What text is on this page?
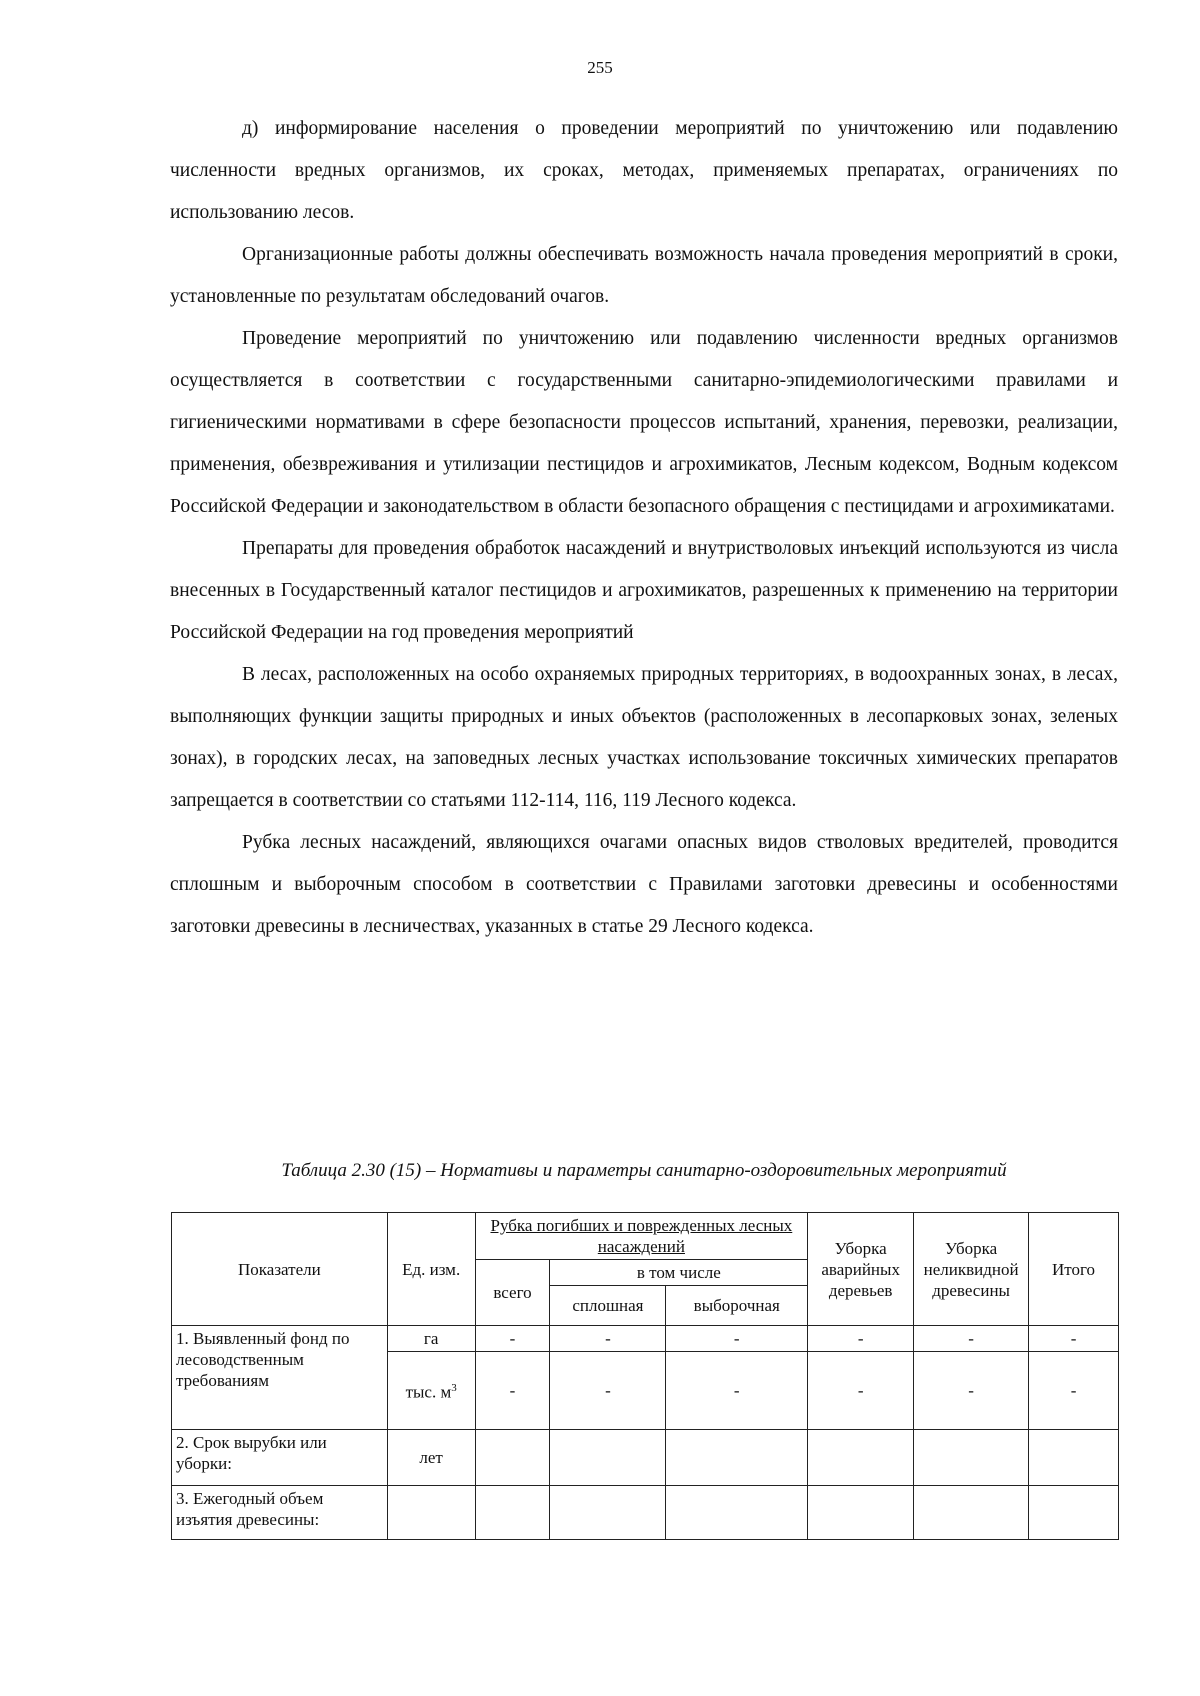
255

д) информирование населения о проведении мероприятий по уничтожению или подавлению численности вредных организмов, их сроках, методах, применяемых препаратах, ограничениях по использованию лесов.

Организационные работы должны обеспечивать возможность начала проведения мероприятий в сроки, установленные по результатам обследований очагов.

Проведение мероприятий по уничтожению или подавлению численности вредных организмов осуществляется в соответствии с государственными санитарно-эпидемиологическими правилами и гигиеническими нормативами в сфере безопасности процессов испытаний, хранения, перевозки, реализации, применения, обезвреживания и утилизации пестицидов и агрохимикатов, Лесным кодексом, Водным кодексом Российской Федерации и законодательством в области безопасного обращения с пестицидами и агрохимикатами.

Препараты для проведения обработок насаждений и внутристволовых инъекций используются из числа внесенных в Государственный каталог пестицидов и агрохимикатов, разрешенных к применению на территории Российской Федерации на год проведения мероприятий

В лесах, расположенных на особо охраняемых природных территориях, в водоохранных зонах, в лесах, выполняющих функции защиты природных и иных объектов (расположенных в лесопарковых зонах, зеленых зонах), в городских лесах, на заповедных лесных участках использование токсичных химических препаратов запрещается в соответствии со статьями 112-114, 116, 119 Лесного кодекса.

Рубка лесных насаждений, являющихся очагами опасных видов стволовых вредителей, проводится сплошным и выборочным способом в соответствии с Правилами заготовки древесины и особенностями заготовки древесины в лесничествах, указанных в статье 29 Лесного кодекса.

Таблица 2.30 (15) – Нормативы и параметры санитарно-оздоровительных мероприятий
Показатели	Ед. изм.	Рубка погибших и поврежденных лесных насаждений			Уборка аварийных деревьев	Уборка неликвидной древесины	Итого
		всего	в том числе				
			сплошная	выборочная			
1. Выявленный фонд по лесоводственным требованиям	га	-	-	-	-	-	-
	тыс. $м^3$	-	-	-	-	-	-
2. Срок вырубки или уборки:	лет						
3. Ежегодный объем изъятия древесины:							
